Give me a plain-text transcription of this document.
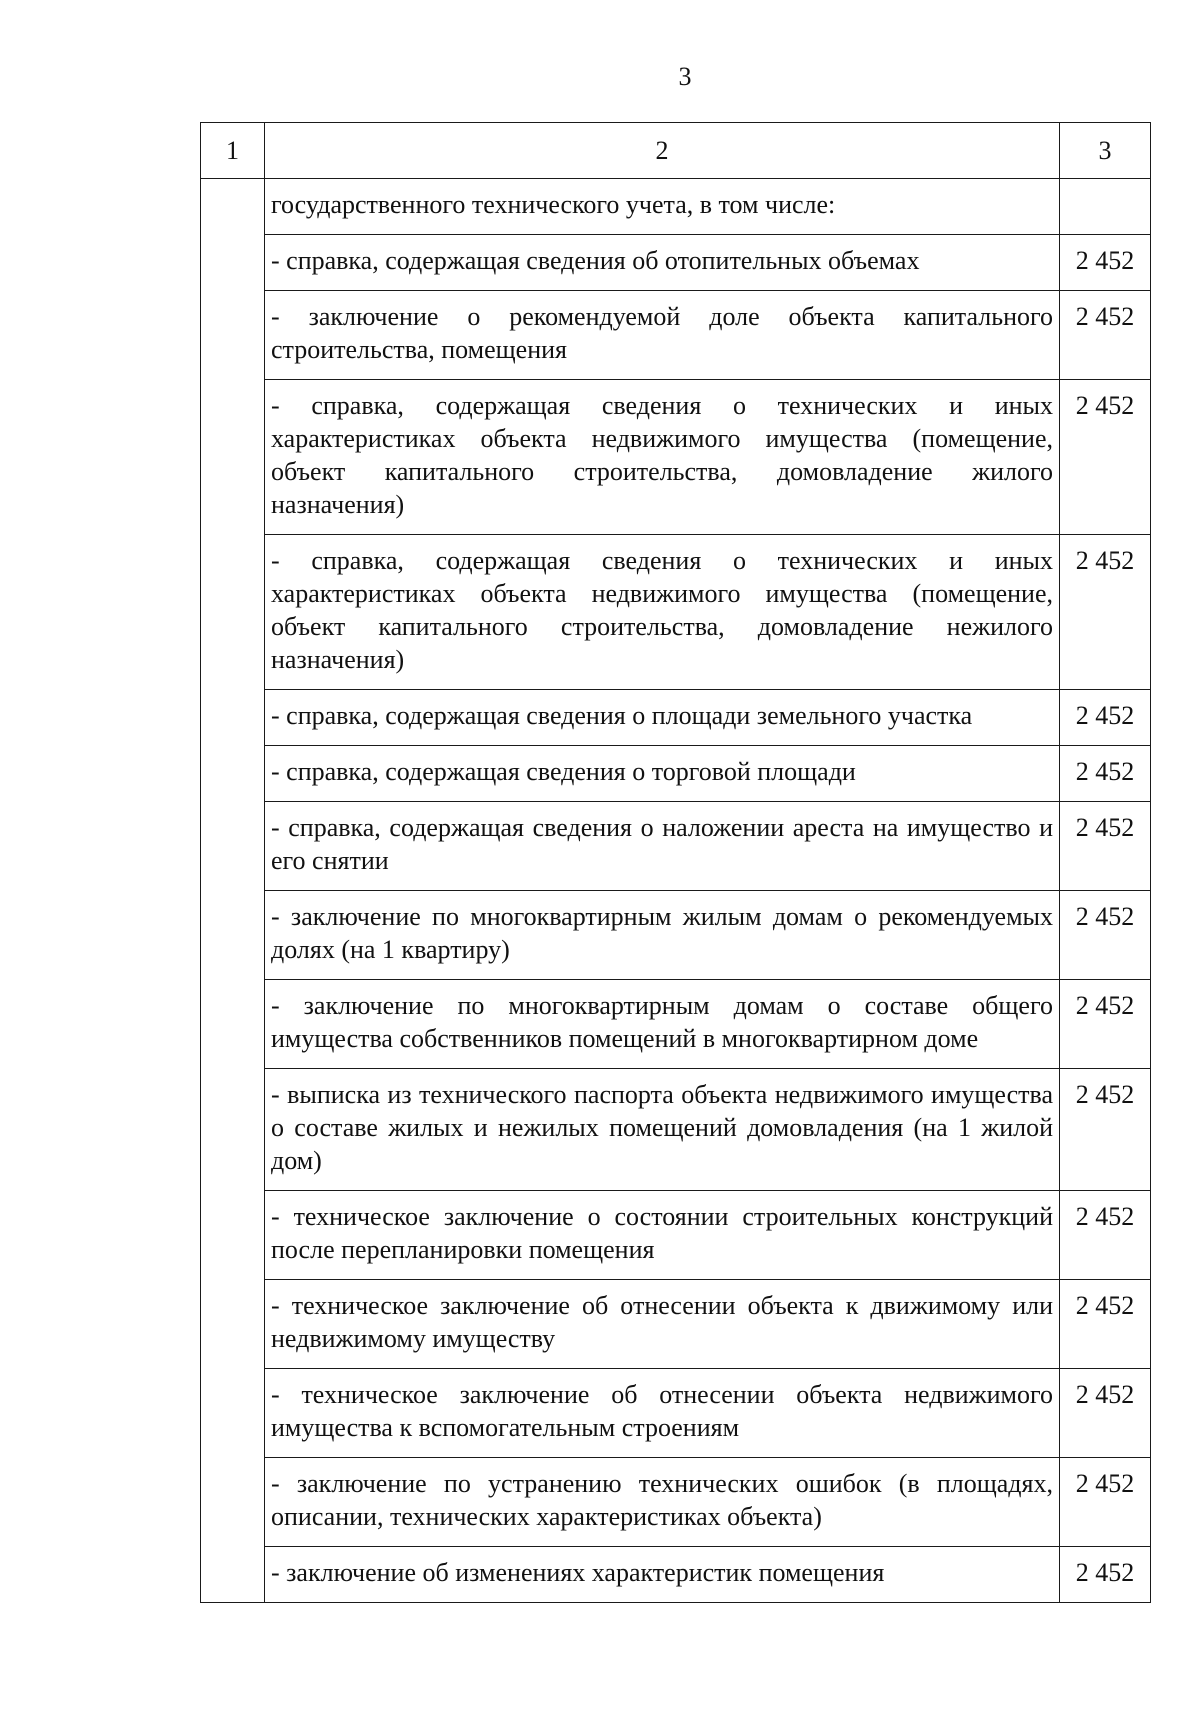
3
1	2	3
	государственного технического учета, в том числе:	
	- справка, содержащая сведения об отопительных объемах	2 452
	- заключение о рекомендуемой доле объекта капитального строительства, помещения	2 452
	- справка, содержащая сведения о технических и иных характеристиках объекта недвижимого имущества (помещение, объект капитального строительства, домовладение жилого назначения)	2 452
	- справка, содержащая сведения о технических и иных характеристиках объекта недвижимого имущества (помещение, объект капитального строительства, домовладение нежилого назначения)	2 452
	- справка, содержащая сведения о площади земельного участка	2 452
	- справка, содержащая сведения о торговой площади	2 452
	- справка, содержащая сведения о наложении ареста на имущество и его снятии	2 452
	- заключение по многоквартирным жилым домам о рекомендуемых долях (на 1 квартиру)	2 452
	- заключение по многоквартирным домам о составе общего имущества собственников помещений в многоквартирном доме	2 452
	- выписка из технического паспорта объекта недвижимого имущества о составе жилых и нежилых помещений домовладения (на 1 жилой дом)	2 452
	- техническое заключение о состоянии строительных конструкций после перепланировки помещения	2 452
	- техническое заключение об отнесении объекта к движимому или недвижимому имуществу	2 452
	- техническое заключение об отнесении объекта недвижимого имущества к вспомогательным строениям	2 452
	- заключение по устранению технических ошибок (в площадях, описании, технических характеристиках объекта)	2 452
	- заключение об изменениях характеристик помещения	2 452
